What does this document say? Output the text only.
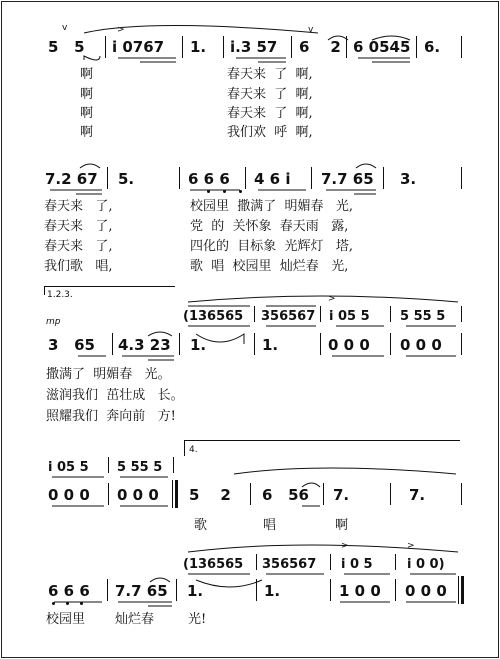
v	v
>
5   5 i 0767 1. i.3 57 6    2 6 0545 6.
啊	春天来  了  啊,
啊	春天来  了  啊,
啊	春天来  了  啊,
啊	我们欢  呼  啊,
7.2 67 5.	6 6 6 4 6 i 7.7 65 3.
春天来   了,	校园里  撒满了  明媚春   光,
春天来   了,	党  的  关怀象  春天雨   露,
春天来   了,	四化的  目标象  光辉灯   塔,
我们歌   唱,	歌  唱  校园里  灿烂春   光,
1.2.3.
mp
>
(136565 356567 i 05 5 5 55 5
3   65 4.3 23 1.	1.	0 0 0 0 0 0
撒满了  明媚春   光。
滋润我们  茁壮成   长。
照耀我们  奔向前   方!
4.
i 05 5 5 55 5
0 0 0 0 0 0 5    2 6   56 7.	7.
歌	唱	啊
>	>
(136565 356567 i 0 5	i 0 0)
6 6 6 7.7 65 1.	1.	1 0 0 0 0 0
校园里 灿烂春	光!
